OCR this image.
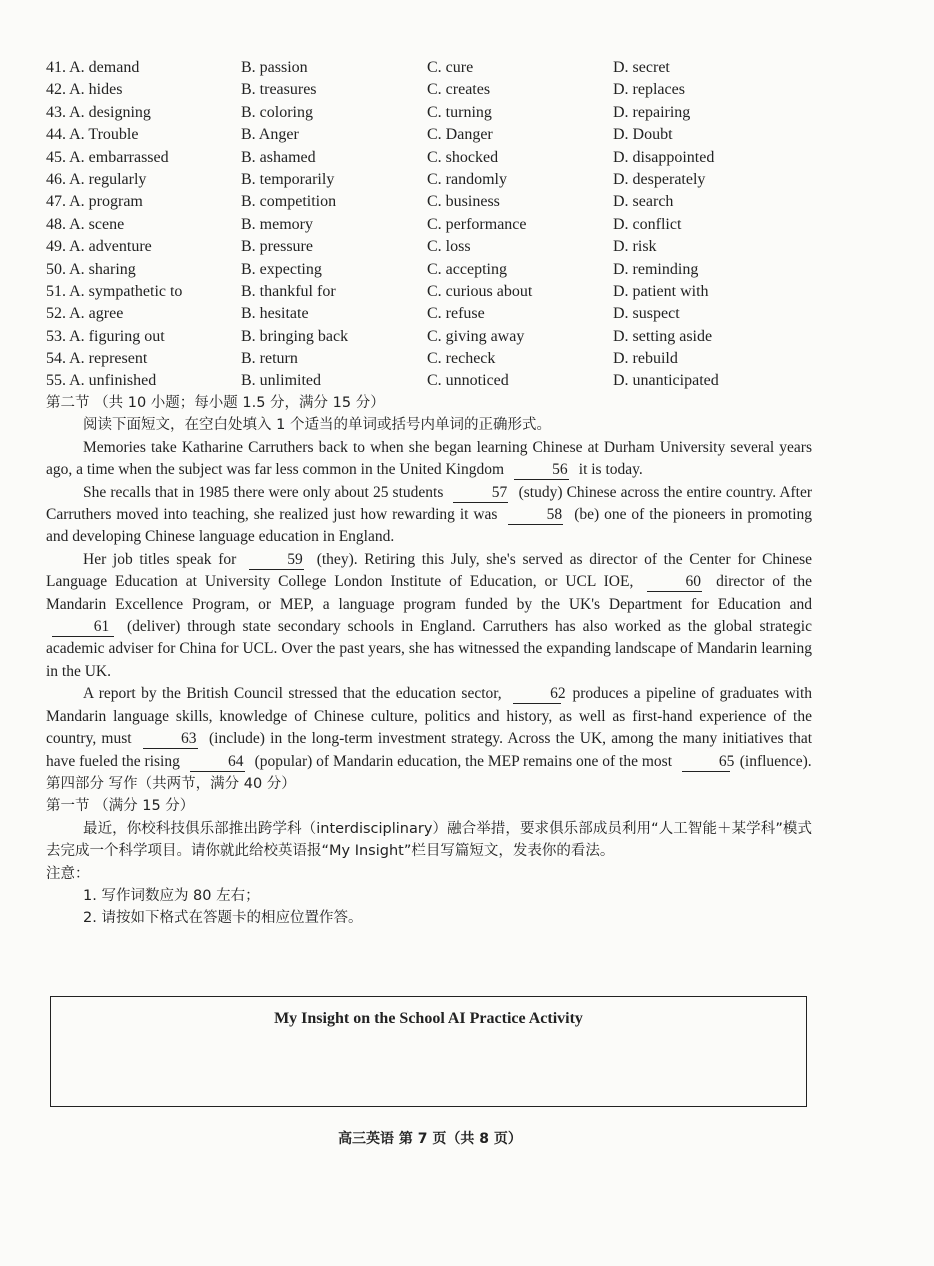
41. A. demand	B. passion	C. cure	D. secret
42. A. hides	B. treasures	C. creates	D. replaces
43. A. designing	B. coloring	C. turning	D. repairing
44. A. Trouble	B. Anger	C. Danger	D. Doubt
45. A. embarrassed	B. ashamed	C. shocked	D. disappointed
46. A. regularly	B. temporarily	C. randomly	D. desperately
47. A. program	B. competition	C. business	D. search
48. A. scene	B. memory	C. performance	D. conflict
49. A. adventure	B. pressure	C. loss	D. risk
50. A. sharing	B. expecting	C. accepting	D. reminding
51. A. sympathetic to	B. thankful for	C. curious about	D. patient with
52. A. agree	B. hesitate	C. refuse	D. suspect
53. A. figuring out	B. bringing back	C. giving away	D. setting aside
54. A. represent	B. return	C. recheck	D. rebuild
55. A. unfinished	B. unlimited	C. unnoticed	D. unanticipated
第二节 （共 10 小题；每小题 1.5 分，满分 15 分）
阅读下面短文，在空白处填入 1 个适当的单词或括号内单词的正确形式。

Memories take Katharine Carruthers back to when she began learning Chinese at Durham University several years ago, a time when the subject was far less common in the United Kingdom	56 it is today.

She recalls that in 1985 there were only about 25 students	57 (study) Chinese across the entire country. After Carruthers moved into teaching, she realized just how rewarding it was	58 (be) one of the pioneers in promoting and developing Chinese language education in England.

Her job titles speak for	59 (they). Retiring this July, she's served as director of the Center for Chinese Language Education at University College London Institute of Education, or UCL IOE,	60 director of the Mandarin Excellence Program, or MEP, a language program funded by the UK's Department for Education and 61 (deliver) through state secondary schools in England. Carruthers has also worked as the global strategic academic adviser for China for UCL. Over the past years, she has witnessed the expanding landscape of Mandarin learning in the UK.

A report by the British Council stressed that the education sector,	62 produces a pipeline of graduates with Mandarin language skills, knowledge of Chinese culture, politics and history, as well as first-hand experience of the country, must	63 (include) in the long-term investment strategy. Across the UK, among the many initiatives that have fueled the rising	64 (popular) of Mandarin education, the MEP remains one of the most	65 (influence).

第四部分 写作（共两节，满分 40 分）
第一节 （满分 15 分）

最近，你校科技俱乐部推出跨学科（interdisciplinary）融合举措，要求俱乐部成员利用“人工智能＋某学科”模式去完成一个科学项目。请你就此给校英语报“My Insight”栏目写篇短文，发表你的看法。

注意：
1. 写作词数应为 80 左右；
2. 请按如下格式在答题卡的相应位置作答。
My Insight on the School AI Practice Activity
高三英语 第 7 页（共 8 页）
